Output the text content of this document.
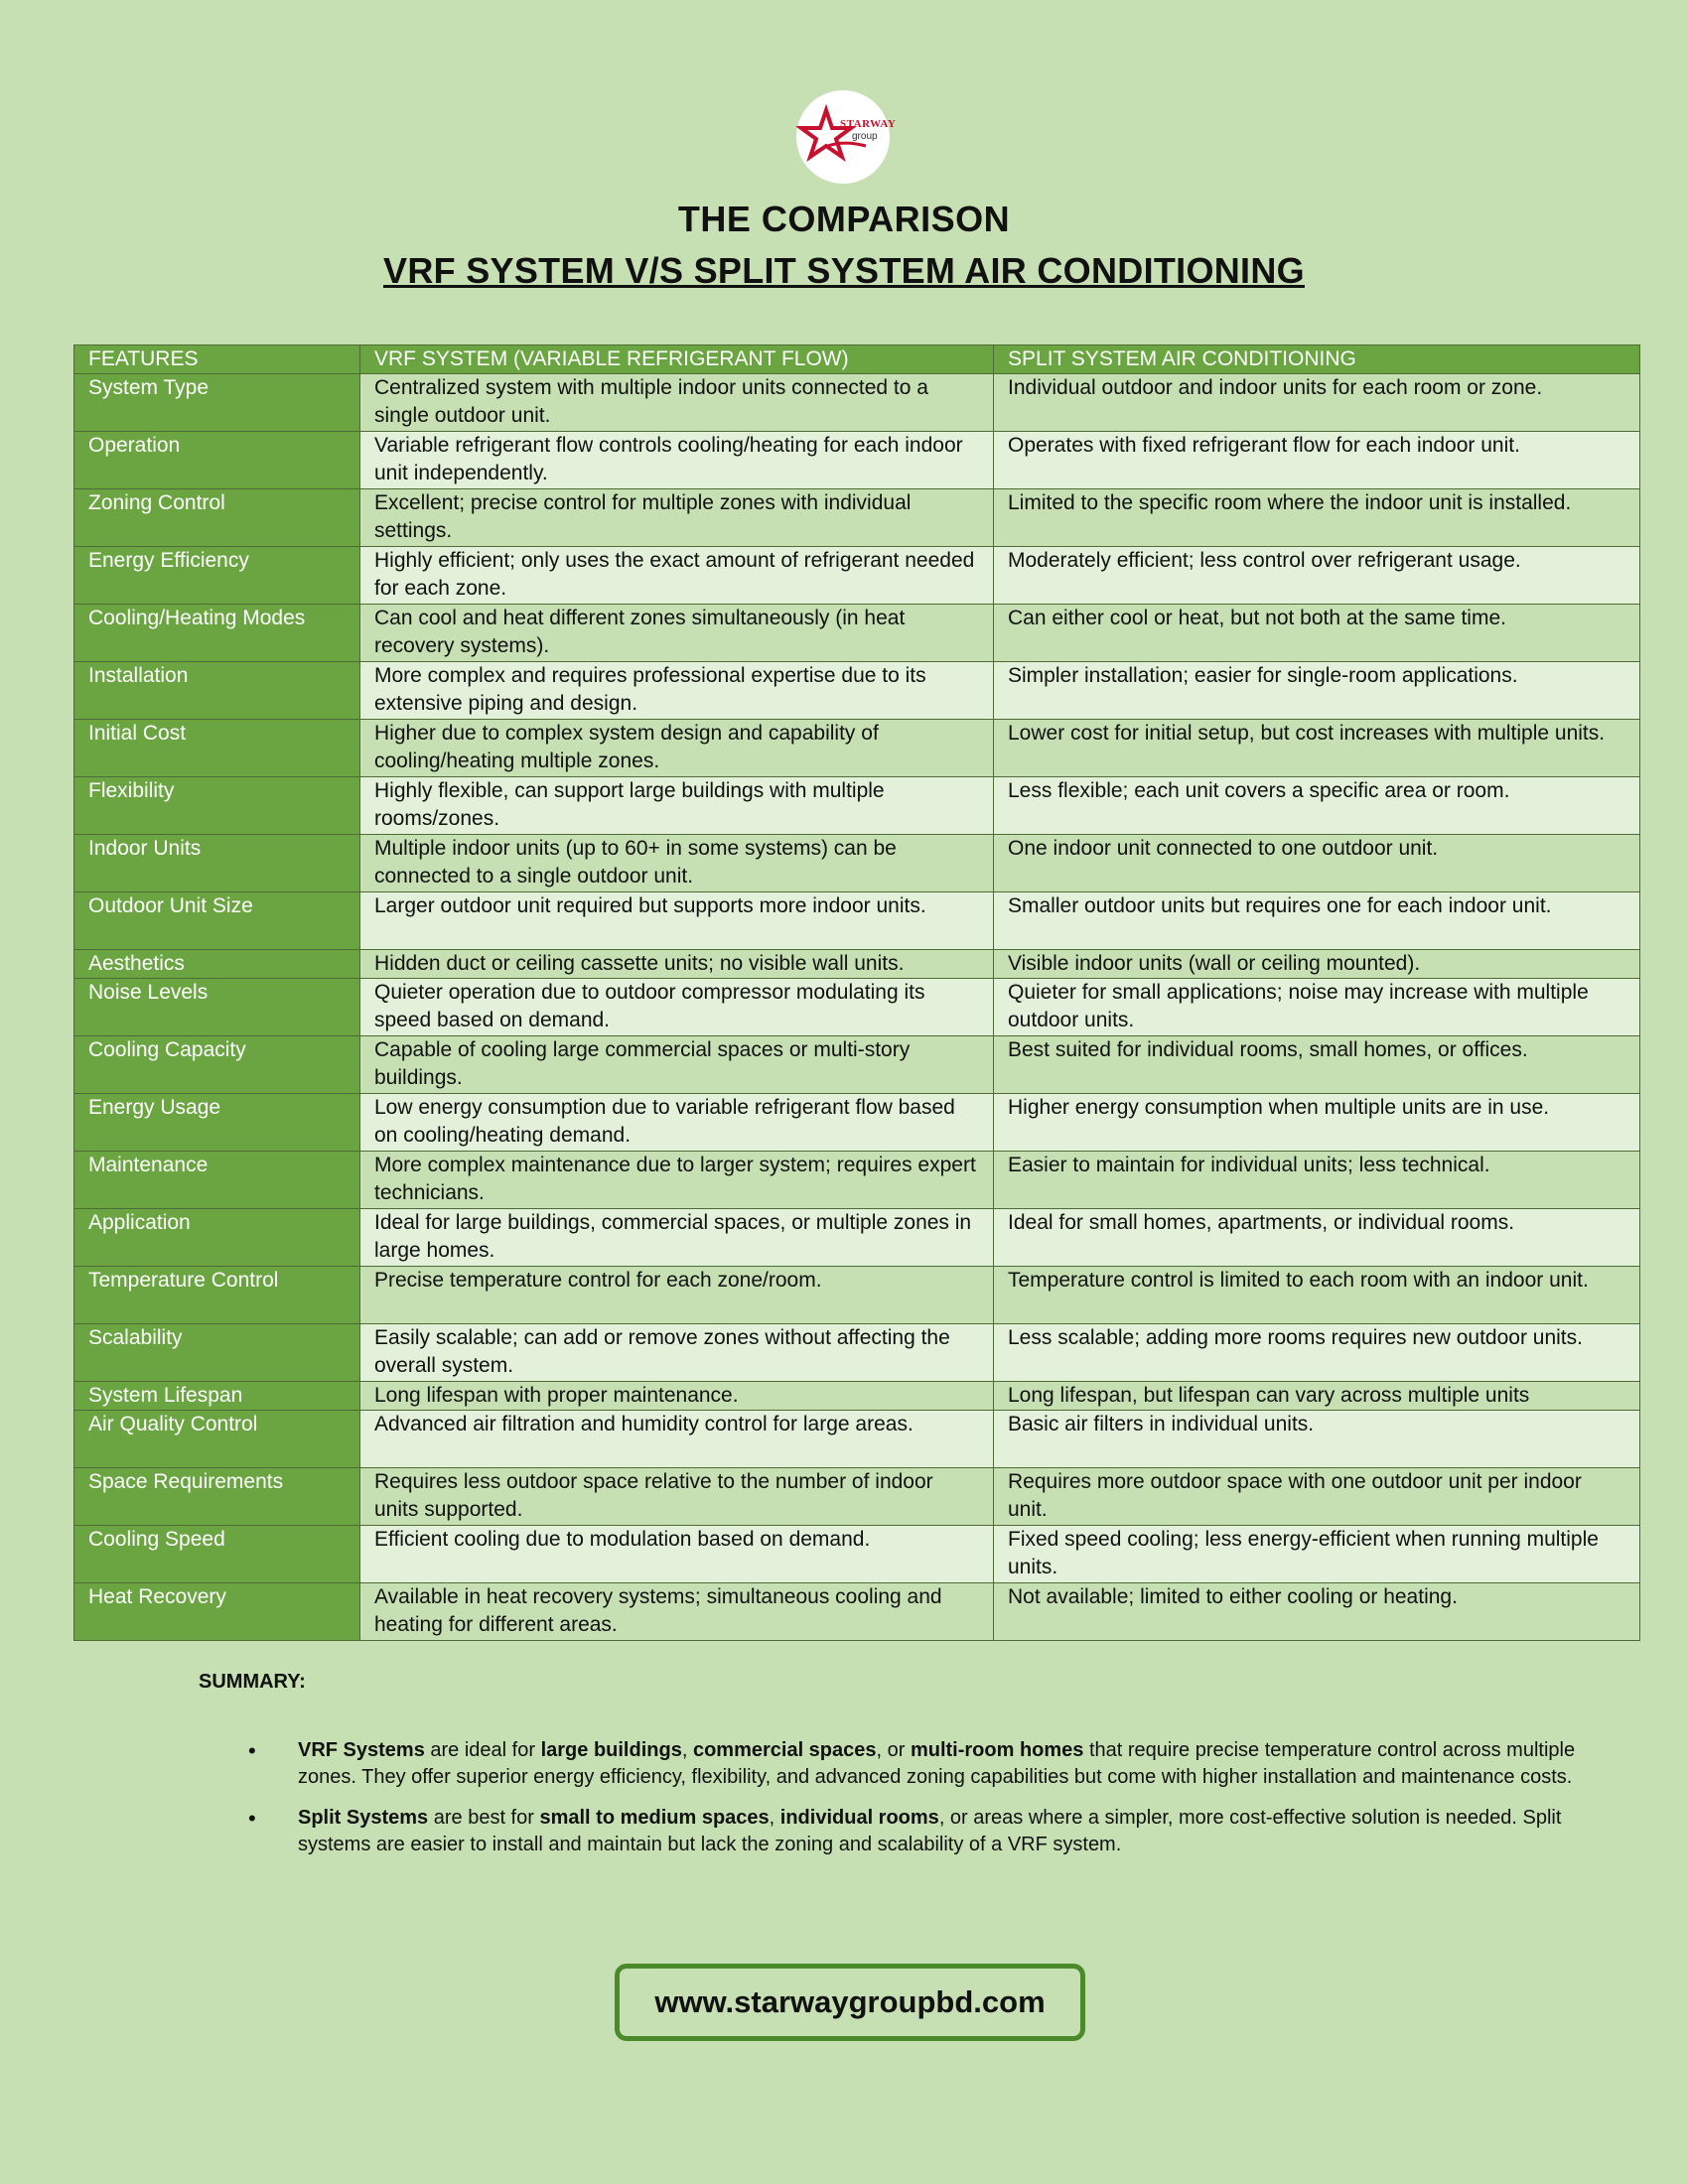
STARWAY
group
THE COMPARISON
VRF SYSTEM V/S SPLIT SYSTEM AIR CONDITIONING
FEATURES	VRF SYSTEM (VARIABLE REFRIGERANT FLOW)	SPLIT SYSTEM AIR CONDITIONING
System Type	Centralized system with multiple indoor units connected to a single outdoor unit.	Individual outdoor and indoor units for each room or zone.
Operation	Variable refrigerant flow controls cooling/heating for each indoor unit independently.	Operates with fixed refrigerant flow for each indoor unit.
Zoning Control	Excellent; precise control for multiple zones with individual settings.	Limited to the specific room where the indoor unit is installed.
Energy Efficiency	Highly efficient; only uses the exact amount of refrigerant needed for each zone.	Moderately efficient; less control over refrigerant usage.
Cooling/Heating Modes	Can cool and heat different zones simultaneously (in heat recovery systems).	Can either cool or heat, but not both at the same time.
Installation	More complex and requires professional expertise due to its extensive piping and design.	Simpler installation; easier for single-room applications.
Initial Cost	Higher due to complex system design and capability of cooling/heating multiple zones.	Lower cost for initial setup, but cost increases with multiple units.
Flexibility	Highly flexible, can support large buildings with multiple rooms/zones.	Less flexible; each unit covers a specific area or room.
Indoor Units	Multiple indoor units (up to 60+ in some systems) can be connected to a single outdoor unit.	One indoor unit connected to one outdoor unit.
Outdoor Unit Size	Larger outdoor unit required but supports more indoor units.	Smaller outdoor units but requires one for each indoor unit.
Aesthetics	Hidden duct or ceiling cassette units; no visible wall units.	Visible indoor units (wall or ceiling mounted).
Noise Levels	Quieter operation due to outdoor compressor modulating its speed based on demand.	Quieter for small applications; noise may increase with multiple outdoor units.
Cooling Capacity	Capable of cooling large commercial spaces or multi-story buildings.	Best suited for individual rooms, small homes, or offices.
Energy Usage	Low energy consumption due to variable refrigerant flow based on cooling/heating demand.	Higher energy consumption when multiple units are in use.
Maintenance	More complex maintenance due to larger system; requires expert technicians.	Easier to maintain for individual units; less technical.
Application	Ideal for large buildings, commercial spaces, or multiple zones in large homes.	Ideal for small homes, apartments, or individual rooms.
Temperature Control	Precise temperature control for each zone/room.	Temperature control is limited to each room with an indoor unit.
Scalability	Easily scalable; can add or remove zones without affecting the overall system.	Less scalable; adding more rooms requires new outdoor units.
System Lifespan	Long lifespan with proper maintenance.	Long lifespan, but lifespan can vary across multiple units
Air Quality Control	Advanced air filtration and humidity control for large areas.	Basic air filters in individual units.
Space Requirements	Requires less outdoor space relative to the number of indoor units supported.	Requires more outdoor space with one outdoor unit per indoor unit.
Cooling Speed	Efficient cooling due to modulation based on demand.	Fixed speed cooling; less energy-efficient when running multiple units.
Heat Recovery	Available in heat recovery systems; simultaneous cooling and heating for different areas.	Not available; limited to either cooling or heating.

SUMMARY:

• VRF Systems are ideal for large buildings, commercial spaces, or multi-room homes that require precise temperature control across multiple zones. They offer superior energy efficiency, flexibility, and advanced zoning capabilities but come with higher installation and maintenance costs.
• Split Systems are best for small to medium spaces, individual rooms, or areas where a simpler, more cost-effective solution is needed. Split systems are easier to install and maintain but lack the zoning and scalability of a VRF system.
www.starwaygroupbd.com
